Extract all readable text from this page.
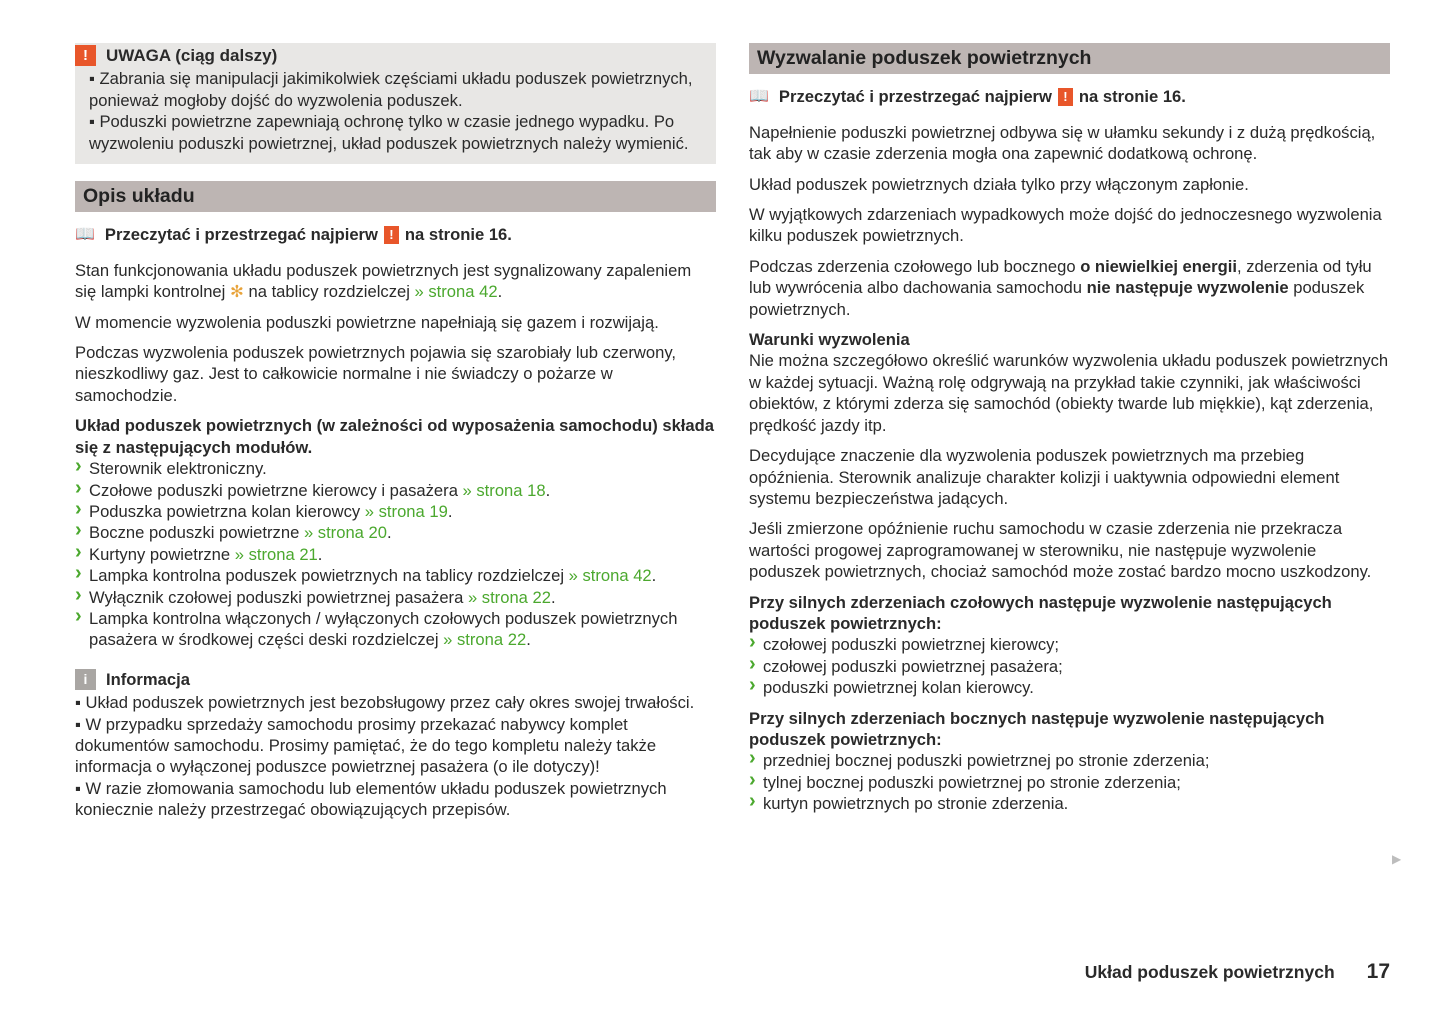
!	UWAGA (ciąg dalszy)

▪ Zabrania się manipulacji jakimikolwiek częściami układu poduszek powietrznych, ponieważ mogłoby dojść do wyzwolenia poduszek.

▪ Poduszki powietrzne zapewniają ochronę tylko w czasie jednego wypadku. Po wyzwoleniu poduszki powietrznej, układ poduszek powietrznych należy wymienić.

Opis układu
📖 Przeczytać i przestrzegać najpierw ! na stronie 16.

Stan funkcjonowania układu poduszek powietrznych jest sygnalizowany zapaleniem się lampki kontrolnej ✻ na tablicy rozdzielczej » strona 42.

W momencie wyzwolenia poduszki powietrzne napełniają się gazem i rozwijają.

Podczas wyzwolenia poduszek powietrznych pojawia się szarobiały lub czerwony, nieszkodliwy gaz. Jest to całkowicie normalne i nie świadczy o pożarze w samochodzie.

Układ poduszek powietrznych (w zależności od wyposażenia samochodu) składa się z następujących modułów.
› Sterownik elektroniczny.
› Czołowe poduszki powietrzne kierowcy i pasażera » strona 18.
› Poduszka powietrzna kolan kierowcy » strona 19.
› Boczne poduszki powietrzne » strona 20.
› Kurtyny powietrzne » strona 21.
› Lampka kontrolna poduszek powietrznych na tablicy rozdzielczej » strona 42.
› Wyłącznik czołowej poduszki powietrznej pasażera » strona 22.
› Lampka kontrolna włączonych / wyłączonych czołowych poduszek powietrznych pasażera w środkowej części deski rozdzielczej » strona 22.
i	Informacja

▪ Układ poduszek powietrznych jest bezobsługowy przez cały okres swojej trwałości.

▪ W przypadku sprzedaży samochodu prosimy przekazać nabywcy komplet dokumentów samochodu. Prosimy pamiętać, że do tego kompletu należy także informacja o wyłączonej poduszce powietrznej pasażera (o ile dotyczy)!

▪ W razie złomowania samochodu lub elementów układu poduszek powietrznych koniecznie należy przestrzegać obowiązujących przepisów.

Wyzwalanie poduszek powietrznych
📖 Przeczytać i przestrzegać najpierw ! na stronie 16.

Napełnienie poduszki powietrznej odbywa się w ułamku sekundy i z dużą prędkością, tak aby w czasie zderzenia mogła ona zapewnić dodatkową ochronę.

Układ poduszek powietrznych działa tylko przy włączonym zapłonie.

W wyjątkowych zdarzeniach wypadkowych może dojść do jednoczesnego wyzwolenia kilku poduszek powietrznych.

Podczas zderzenia czołowego lub bocznego o niewielkiej energii, zderzenia od tyłu lub wywrócenia albo dachowania samochodu nie następuje wyzwolenie poduszek powietrznych.

Warunki wyzwolenia

Nie można szczegółowo określić warunków wyzwolenia układu poduszek powietrznych w każdej sytuacji. Ważną rolę odgrywają na przykład takie czynniki, jak właściwości obiektów, z którymi zderza się samochód (obiekty twarde lub miękkie), kąt zderzenia, prędkość jazdy itp.

Decydujące znaczenie dla wyzwolenia poduszek powietrznych ma przebieg opóźnienia. Sterownik analizuje charakter kolizji i uaktywnia odpowiedni element systemu bezpieczeństwa jadących.

Jeśli zmierzone opóźnienie ruchu samochodu w czasie zderzenia nie przekracza wartości progowej zaprogramowanej w sterowniku, nie następuje wyzwolenie poduszek powietrznych, chociaż samochód może zostać bardzo mocno uszkodzony.

Przy silnych zderzeniach czołowych następuje wyzwolenie następujących poduszek powietrznych:
› czołowej poduszki powietrznej kierowcy;
› czołowej poduszki powietrznej pasażera;
› poduszki powietrznej kolan kierowcy.
Przy silnych zderzeniach bocznych następuje wyzwolenie następujących poduszek powietrznych:
› przedniej bocznej poduszki powietrznej po stronie zderzenia;
› tylnej bocznej poduszki powietrznej po stronie zderzenia;
› kurtyn powietrznych po stronie zderzenia.
▶
Układ poduszek powietrznych 17
